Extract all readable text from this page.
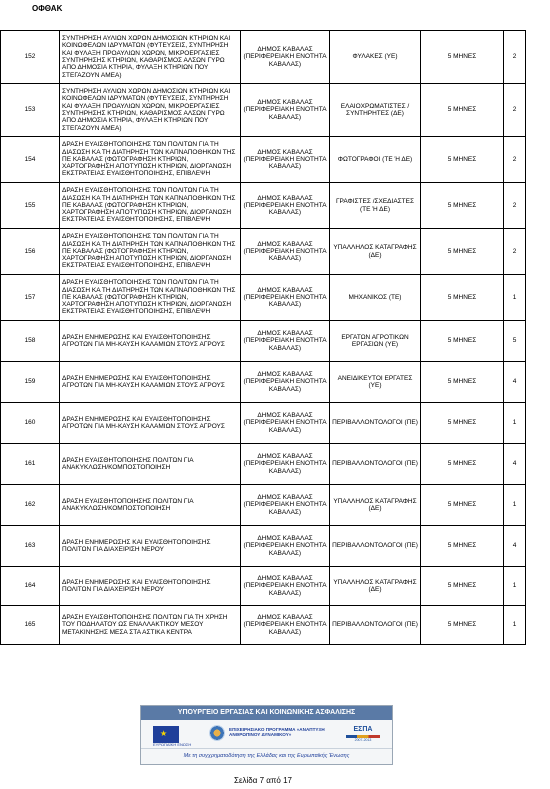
ΟΦΘΑΚ
152	ΣΥΝΤΗΡΗΣΗ ΑΥΛΙΩΝ ΧΩΡΩΝ ΔΗΜΟΣΙΩΝ ΚΤΗΡΙΩΝ ΚΑΙ ΚΟΙΝΩΦΕΛΩΝ ΙΔΡΥΜΑΤΩΝ (ΦΥΤΕΥΣΕΙΣ, ΣΥΝΤΗΡΗΣΗ ΚΑΙ ΦΥΛΑΞΗ ΠΡΟΑΥΛΙΩΝ ΧΩΡΩΝ, ΜΙΚΡΟΕΡΓΑΣΙΕΣ ΣΥΝΤΗΡΗΣΗΣ ΚΤΗΡΙΩΝ, ΚΑΘΑΡΙΣΜΟΣ ΑΛΣΩΝ ΓΥΡΩ ΑΠΟ ΔΗΜΟΣΙΑ ΚΤΗΡΙΑ, ΦΥΛΑΞΗ ΚΤΗΡΙΩΝ ΠΟΥ ΣΤΕΓΑΖΟΥΝ ΑΜΕΑ)	ΔΗΜΟΣ ΚΑΒΑΛΑΣ (ΠΕΡΙΦΕΡΕΙΑΚΗ ΕΝΟΤΗΤΑ ΚΑΒΑΛΑΣ)	ΦΥΛΑΚΕΣ (ΥΕ)	5 ΜΗΝΕΣ	2
153	ΣΥΝΤΗΡΗΣΗ ΑΥΛΙΩΝ ΧΩΡΩΝ ΔΗΜΟΣΙΩΝ ΚΤΗΡΙΩΝ ΚΑΙ ΚΟΙΝΩΦΕΛΩΝ ΙΔΡΥΜΑΤΩΝ (ΦΥΤΕΥΣΕΙΣ, ΣΥΝΤΗΡΗΣΗ ΚΑΙ ΦΥΛΑΞΗ ΠΡΟΑΥΛΙΩΝ ΧΩΡΩΝ, ΜΙΚΡΟΕΡΓΑΣΙΕΣ ΣΥΝΤΗΡΗΣΗΣ ΚΤΗΡΙΩΝ, ΚΑΘΑΡΙΣΜΟΣ ΑΛΣΩΝ ΓΥΡΩ ΑΠΟ ΔΗΜΟΣΙΑ ΚΤΗΡΙΑ, ΦΥΛΑΞΗ ΚΤΗΡΙΩΝ ΠΟΥ ΣΤΕΓΑΖΟΥΝ ΑΜΕΑ)	ΔΗΜΟΣ ΚΑΒΑΛΑΣ (ΠΕΡΙΦΕΡΕΙΑΚΗ ΕΝΟΤΗΤΑ ΚΑΒΑΛΑΣ)	ΕΛΑΙΟΧΡΩΜΑΤΙΣΤΕΣ / ΣΥΝΤΗΡΗΤΕΣ (ΔΕ)	5 ΜΗΝΕΣ	2
154	ΔΡΑΣΗ ΕΥΑΙΣΘΗΤΟΠΟΙΗΣΗΣ ΤΩΝ ΠΟΛΙΤΩΝ ΓΙΑ ΤΗ ΔΙΑΣΩΣΗ ΚΑ ΤΗ ΔΙΑΤΗΡΗΣΗ ΤΩΝ ΚΑΠΝΑΠΟΘΗΚΩΝ ΤΗΣ ΠΕ ΚΑΒΑΛΑΣ (ΦΩΤΟΓΡΑΦΗΣΗ ΚΤΗΡΙΩΝ, ΧΑΡΤΟΓΡΑΦΗΣΗ ΑΠΟΤΥΠΩΣΗ ΚΤΗΡΙΩΝ, ΔΙΟΡΓΑΝΩΣΗ ΕΚΣΤΡΑΤΕΙΑΣ ΕΥΑΙΣΘΗΤΟΠΟΙΗΣΗΣ, ΕΠΙΒΛΕΨΗ	ΔΗΜΟΣ ΚΑΒΑΛΑΣ (ΠΕΡΙΦΕΡΕΙΑΚΗ ΕΝΟΤΗΤΑ ΚΑΒΑΛΑΣ)	ΦΩΤΟΓΡΑΦΟΙ (ΤΕ Ή ΔΕ)	5 ΜΗΝΕΣ	2
155	ΔΡΑΣΗ ΕΥΑΙΣΘΗΤΟΠΟΙΗΣΗΣ ΤΩΝ ΠΟΛΙΤΩΝ ΓΙΑ ΤΗ ΔΙΑΣΩΣΗ ΚΑ ΤΗ ΔΙΑΤΗΡΗΣΗ ΤΩΝ ΚΑΠΝΑΠΟΘΗΚΩΝ ΤΗΣ ΠΕ ΚΑΒΑΛΑΣ (ΦΩΤΟΓΡΑΦΗΣΗ ΚΤΗΡΙΩΝ, ΧΑΡΤΟΓΡΑΦΗΣΗ ΑΠΟΤΥΠΩΣΗ ΚΤΗΡΙΩΝ, ΔΙΟΡΓΑΝΩΣΗ ΕΚΣΤΡΑΤΕΙΑΣ ΕΥΑΙΣΘΗΤΟΠΟΙΗΣΗΣ, ΕΠΙΒΛΕΨΗ	ΔΗΜΟΣ ΚΑΒΑΛΑΣ (ΠΕΡΙΦΕΡΕΙΑΚΗ ΕΝΟΤΗΤΑ ΚΑΒΑΛΑΣ)	ΓΡΑΦΙΣΤΕΣ /ΣΧΕΔΙΑΣΤΕΣ (ΤΕ Ή ΔΕ)	5 ΜΗΝΕΣ	2
156	ΔΡΑΣΗ ΕΥΑΙΣΘΗΤΟΠΟΙΗΣΗΣ ΤΩΝ ΠΟΛΙΤΩΝ ΓΙΑ ΤΗ ΔΙΑΣΩΣΗ ΚΑ ΤΗ ΔΙΑΤΗΡΗΣΗ ΤΩΝ ΚΑΠΝΑΠΟΘΗΚΩΝ ΤΗΣ ΠΕ ΚΑΒΑΛΑΣ (ΦΩΤΟΓΡΑΦΗΣΗ ΚΤΗΡΙΩΝ, ΧΑΡΤΟΓΡΑΦΗΣΗ ΑΠΟΤΥΠΩΣΗ ΚΤΗΡΙΩΝ, ΔΙΟΡΓΑΝΩΣΗ ΕΚΣΤΡΑΤΕΙΑΣ ΕΥΑΙΣΘΗΤΟΠΟΙΗΣΗΣ, ΕΠΙΒΛΕΨΗ	ΔΗΜΟΣ ΚΑΒΑΛΑΣ (ΠΕΡΙΦΕΡΕΙΑΚΗ ΕΝΟΤΗΤΑ ΚΑΒΑΛΑΣ)	ΥΠΑΛΛΗΛΟΣ ΚΑΤΑΓΡΑΦΗΣ (ΔΕ)	5 ΜΗΝΕΣ	2
157	ΔΡΑΣΗ ΕΥΑΙΣΘΗΤΟΠΟΙΗΣΗΣ ΤΩΝ ΠΟΛΙΤΩΝ ΓΙΑ ΤΗ ΔΙΑΣΩΣΗ ΚΑ ΤΗ ΔΙΑΤΗΡΗΣΗ ΤΩΝ ΚΑΠΝΑΠΟΘΗΚΩΝ ΤΗΣ ΠΕ ΚΑΒΑΛΑΣ (ΦΩΤΟΓΡΑΦΗΣΗ ΚΤΗΡΙΩΝ, ΧΑΡΤΟΓΡΑΦΗΣΗ ΑΠΟΤΥΠΩΣΗ ΚΤΗΡΙΩΝ, ΔΙΟΡΓΑΝΩΣΗ ΕΚΣΤΡΑΤΕΙΑΣ ΕΥΑΙΣΘΗΤΟΠΟΙΗΣΗΣ, ΕΠΙΒΛΕΨΗ	ΔΗΜΟΣ ΚΑΒΑΛΑΣ (ΠΕΡΙΦΕΡΕΙΑΚΗ ΕΝΟΤΗΤΑ ΚΑΒΑΛΑΣ)	ΜΗΧΑΝΙΚΟΣ (ΤΕ)	5 ΜΗΝΕΣ	1
158	ΔΡΑΣΗ ΕΝΗΜΕΡΩΣΗΣ ΚΑΙ ΕΥΑΙΣΘΗΤΟΠΟΙΗΣΗΣ ΑΓΡΟΤΩΝ ΓΙΑ ΜΗ-ΚΑΥΣΗ ΚΑΛΑΜΙΩΝ ΣΤΟΥΣ ΑΓΡΟΥΣ	ΔΗΜΟΣ ΚΑΒΑΛΑΣ (ΠΕΡΙΦΕΡΕΙΑΚΗ ΕΝΟΤΗΤΑ ΚΑΒΑΛΑΣ)	ΕΡΓΑΤΩΝ ΑΓΡΟΤΙΚΩΝ ΕΡΓΑΣΙΩΝ (ΥΕ)	5 ΜΗΝΕΣ	5
159	ΔΡΑΣΗ ΕΝΗΜΕΡΩΣΗΣ ΚΑΙ ΕΥΑΙΣΘΗΤΟΠΟΙΗΣΗΣ ΑΓΡΟΤΩΝ ΓΙΑ ΜΗ-ΚΑΥΣΗ ΚΑΛΑΜΙΩΝ ΣΤΟΥΣ ΑΓΡΟΥΣ	ΔΗΜΟΣ ΚΑΒΑΛΑΣ (ΠΕΡΙΦΕΡΕΙΑΚΗ ΕΝΟΤΗΤΑ ΚΑΒΑΛΑΣ)	ΑΝΕΙΔΙΚΕΥΤΟΙ ΕΡΓΑΤΕΣ (ΥΕ)	5 ΜΗΝΕΣ	4
160	ΔΡΑΣΗ ΕΝΗΜΕΡΩΣΗΣ ΚΑΙ ΕΥΑΙΣΘΗΤΟΠΟΙΗΣΗΣ ΑΓΡΟΤΩΝ ΓΙΑ ΜΗ-ΚΑΥΣΗ ΚΑΛΑΜΙΩΝ ΣΤΟΥΣ ΑΓΡΟΥΣ	ΔΗΜΟΣ ΚΑΒΑΛΑΣ (ΠΕΡΙΦΕΡΕΙΑΚΗ ΕΝΟΤΗΤΑ ΚΑΒΑΛΑΣ)	ΠΕΡΙΒΑΛΛΟΝΤΟΛΟΓΟΙ (ΠΕ)	5 ΜΗΝΕΣ	1
161	ΔΡΑΣΗ ΕΥΑΙΣΘΗΤΟΠΟΙΗΣΗΣ ΠΟΛΙΤΩΝ ΓΙΑ ΑΝΑΚΥΚΛΩΣΗ/ΚΟΜΠΟΣΤΟΠΟΙΗΣΗ	ΔΗΜΟΣ ΚΑΒΑΛΑΣ (ΠΕΡΙΦΕΡΕΙΑΚΗ ΕΝΟΤΗΤΑ ΚΑΒΑΛΑΣ)	ΠΕΡΙΒΑΛΛΟΝΤΟΛΟΓΟΙ (ΠΕ)	5 ΜΗΝΕΣ	4
162	ΔΡΑΣΗ ΕΥΑΙΣΘΗΤΟΠΟΙΗΣΗΣ ΠΟΛΙΤΩΝ ΓΙΑ ΑΝΑΚΥΚΛΩΣΗ/ΚΟΜΠΟΣΤΟΠΟΙΗΣΗ	ΔΗΜΟΣ ΚΑΒΑΛΑΣ (ΠΕΡΙΦΕΡΕΙΑΚΗ ΕΝΟΤΗΤΑ ΚΑΒΑΛΑΣ)	ΥΠΑΛΛΗΛΟΣ ΚΑΤΑΓΡΑΦΗΣ (ΔΕ)	5 ΜΗΝΕΣ	1
163	ΔΡΑΣΗ ΕΝΗΜΕΡΩΣΗΣ ΚΑΙ ΕΥΑΙΣΘΗΤΟΠΟΙΗΣΗΣ ΠΟΛΙΤΩΝ ΓΙΑ ΔΙΑΧΕΙΡΙΣΗ ΝΕΡΟΥ	ΔΗΜΟΣ ΚΑΒΑΛΑΣ (ΠΕΡΙΦΕΡΕΙΑΚΗ ΕΝΟΤΗΤΑ ΚΑΒΑΛΑΣ)	ΠΕΡΙΒΑΛΛΟΝΤΟΛΟΓΟΙ (ΠΕ)	5 ΜΗΝΕΣ	4
164	ΔΡΑΣΗ ΕΝΗΜΕΡΩΣΗΣ ΚΑΙ ΕΥΑΙΣΘΗΤΟΠΟΙΗΣΗΣ ΠΟΛΙΤΩΝ ΓΙΑ ΔΙΑΧΕΙΡΙΣΗ ΝΕΡΟΥ	ΔΗΜΟΣ ΚΑΒΑΛΑΣ (ΠΕΡΙΦΕΡΕΙΑΚΗ ΕΝΟΤΗΤΑ ΚΑΒΑΛΑΣ)	ΥΠΑΛΛΗΛΟΣ ΚΑΤΑΓΡΑΦΗΣ (ΔΕ)	5 ΜΗΝΕΣ	1
165	ΔΡΑΣΗ ΕΥΑΙΣΘΗΤΟΠΟΙΗΣΗΣ ΠΟΛΙΤΩΝ ΓΙΑ ΤΗ ΧΡΗΣΗ ΤΟΥ ΠΟΔΗΛΑΤΟΥ ΩΣ ΕΝΑΛΛΑΚΤΙΚΟΥ ΜΕΣΟΥ ΜΕΤΑΚΙΝΗΣΗΣ ΜΕΣΑ ΣΤΑ ΑΣΤΙΚΑ ΚΕΝΤΡΑ	ΔΗΜΟΣ ΚΑΒΑΛΑΣ (ΠΕΡΙΦΕΡΕΙΑΚΗ ΕΝΟΤΗΤΑ ΚΑΒΑΛΑΣ)	ΠΕΡΙΒΑΛΛΟΝΤΟΛΟΓΟΙ (ΠΕ)	5 ΜΗΝΕΣ	1
ΥΠΟΥΡΓΕΙΟ ΕΡΓΑΣΙΑΣ ΚΑΙ ΚΟΙΝΩΝΙΚΗΣ ΑΣΦΑΛΙΣΗΣ
★
ΕΥΡΩΠΑΪΚΗ ΕΝΩΣΗ
ΕΠΙΧΕΙΡΗΣΙΑΚΟ ΠΡΟΓΡΑΜΜΑ «ΑΝΑΠΤΥΞΗ ΑΝΘΡΩΠΙΝΟΥ ΔΥΝΑΜΙΚΟΥ»
ΕΣΠΑ
2007-2013
Με τη συγχρηματοδότηση της Ελλάδας και της Ευρωπαϊκής Ένωσης
Σελίδα 7 από 17
